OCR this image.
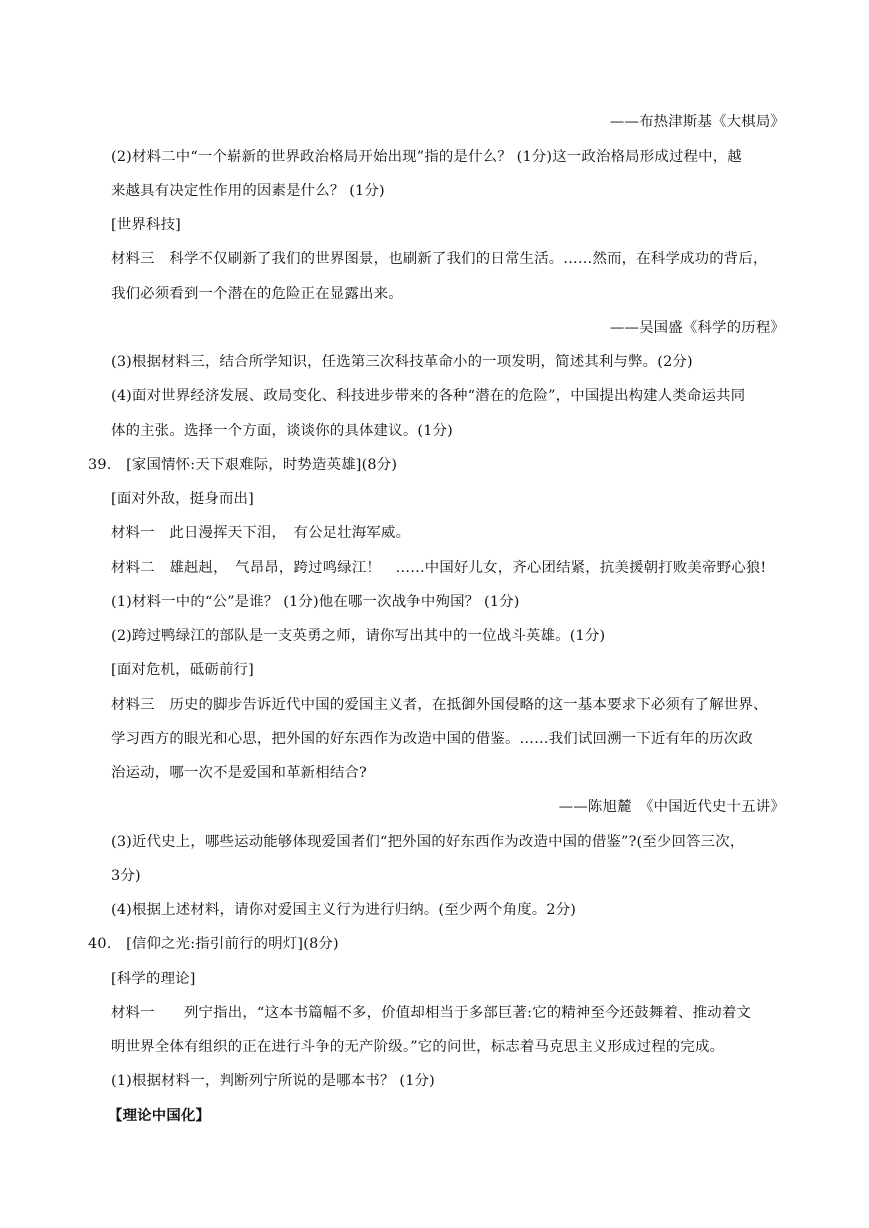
——布热津斯基《大棋局》
(2)材料二中“一个崭新的世界政治格局开始出现”指的是什么？ (1分)这一政治格局形成过程中，越
来越具有决定性作用的因素是什么？ (1分)
[世界科技]
材料三　科学不仅刷新了我们的世界图景，也刷新了我们的日常生活。……然而，在科学成功的背后，
我们必须看到一个潜在的危险正在显露出来。
——吴国盛《科学的历程》
(3)根据材料三，结合所学知识，任选第三次科技革命小的一项发明，简述其利与弊。(2分)
(4)面对世界经济发展、政局变化、科技进步带来的各种“潜在的危险”，中国提出构建人类命运共同
体的主张。选择一个方面，谈谈你的具体建议。(1分)
39.　[家国情怀:天下艰难际，时势造英雄](8分)
[面对外敌，挺身而出]
材料一　此日漫挥天下泪，　有公足壮海军威。
材料二　雄赳赳，　气昂昂，跨过鸣绿江！　……中国好儿女，齐心团结紧，抗美援朝打败美帝野心狼!
(1)材料一中的“公”是谁？ (1分)他在哪一次战争中殉国？ (1分)
(2)跨过鸭绿江的部队是一支英勇之师，请你写出其中的一位战斗英雄。(1分)
[面对危机，砥砺前行]
材料三　历史的脚步告诉近代中国的爱国主义者，在抵御外国侵略的这一基本要求下必须有了解世界、
学习西方的眼光和心思，把外国的好东西作为改造中国的借鉴。……我们试回溯一下近有年的历次政
治运动，哪一次不是爱国和革新相结合?
——陈旭麓　《中国近代史十五讲》
(3)近代史上，哪些运动能够体现爱国者们“把外国的好东西作为改造中国的借鉴”?(至少回答三次，
3分)
(4)根据上述材料，请你对爱国主义行为进行归纳。(至少两个角度。2分)
40.　[信仰之光:指引前行的明灯](8分)
[科学的理论]
材料一　　列宁指出，“这本书篇幅不多，价值却相当于多部巨著:它的精神至今还鼓舞着、推动着文
明世界全体有组织的正在进行斗争的无产阶级。”它的问世，标志着马克思主义形成过程的完成。
(1)根据材料一，判断列宁所说的是哪本书？ (1分)
【理论中国化】
